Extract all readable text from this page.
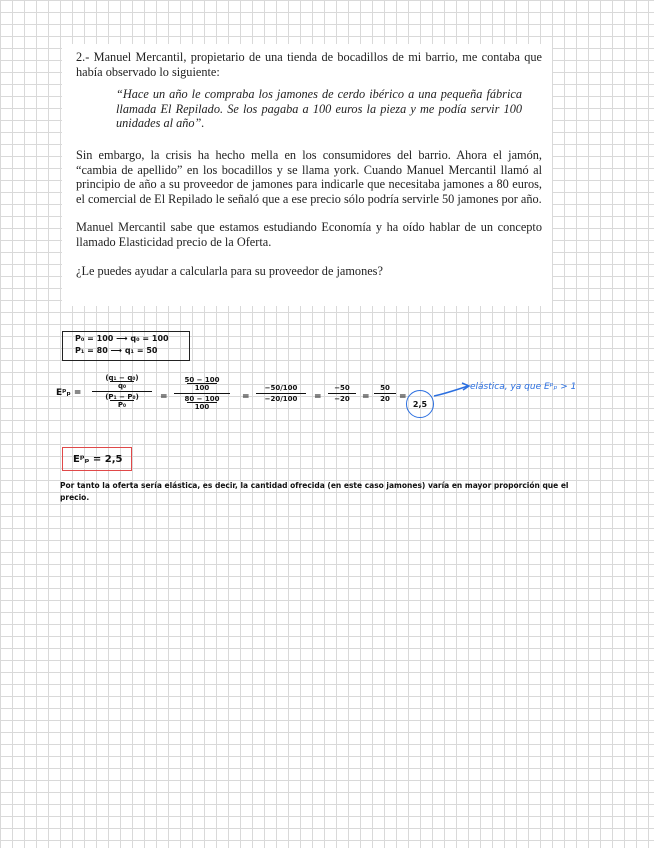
2.- Manuel Mercantil, propietario de una tienda de bocadillos de mi barrio, me contaba que había observado lo siguiente:

“Hace un año le compraba los jamones de cerdo ibérico a una pequeña fábrica llamada El Repilado. Se los pagaba a 100 euros la pieza y me podía servir 100 unidades al año”.

Sin embargo, la crisis ha hecho mella en los consumidores del barrio. Ahora el jamón, “cambia de apellido” en los bocadillos y se llama york. Cuando Manuel Mercantil llamó al principio de año a su proveedor de jamones para indicarle que necesitaba jamones a 80 euros, el comercial de El Repilado le señaló que a ese precio sólo podría servirle 50 jamones por año.

Manuel Mercantil sabe que estamos estudiando Economía y ha oído hablar de un concepto llamado Elasticidad precio de la Oferta.

¿Le puedes ayudar a calcularla para su proveedor de jamones?

P₀ = 100 ⟶ q₀ = 100
P₁ = 80 ⟶ q₁ = 50
Eᵖₚ =
(q₁ − q₀)
q₀
(P₁ − P₀)
P₀
=
50 − 100
100
80 − 100
100
=
−50/100
−20/100	=
−50
−20	=
50
20	=
2,5
elástica, ya que Eᵖₚ > 1
Eᵖₚ = 2,5
Por tanto la oferta sería elástica, es decir, la cantidad ofrecida (en este caso jamones) varía en mayor proporción que el precio.
